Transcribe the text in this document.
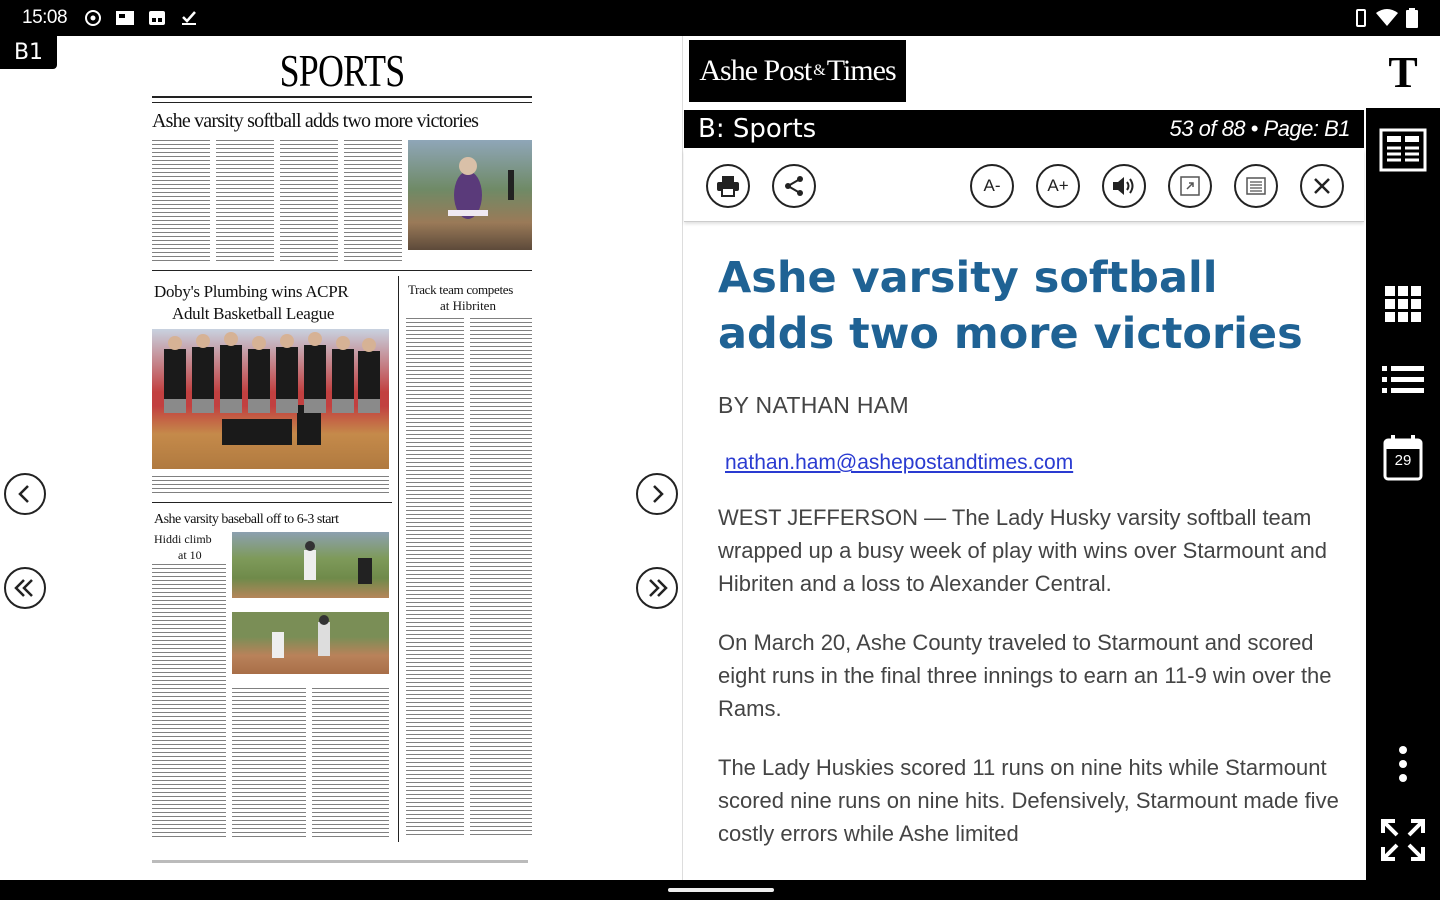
15:08
B1	SPORTS
Ashe varsity softball adds two more victories
Doby's Plumbing wins ACPR
Adult Basketball League
Track team competes
at Hibriten
Ashe varsity baseball off to 6-3 start
Hiddi climb
at 10
Ashe Post & Times
B: Sports	53 of 88 • Page: B1
A-	A+
Ashe varsity softball adds two more victories
BY NATHAN HAM
nathan.ham@ashepostandtimes.com

WEST JEFFERSON — The Lady Husky varsity softball team wrapped up a busy week of play with wins over Starmount and Hibriten and a loss to Alexander Central.

On March 20, Ashe County traveled to Starmount and scored eight runs in the final three innings to earn an 11-9 win over the Rams.

The Lady Huskies scored 11 runs on nine hits while Starmount scored nine runs on nine hits. Defensively, Starmount made five costly errors while Ashe limited

T
29
